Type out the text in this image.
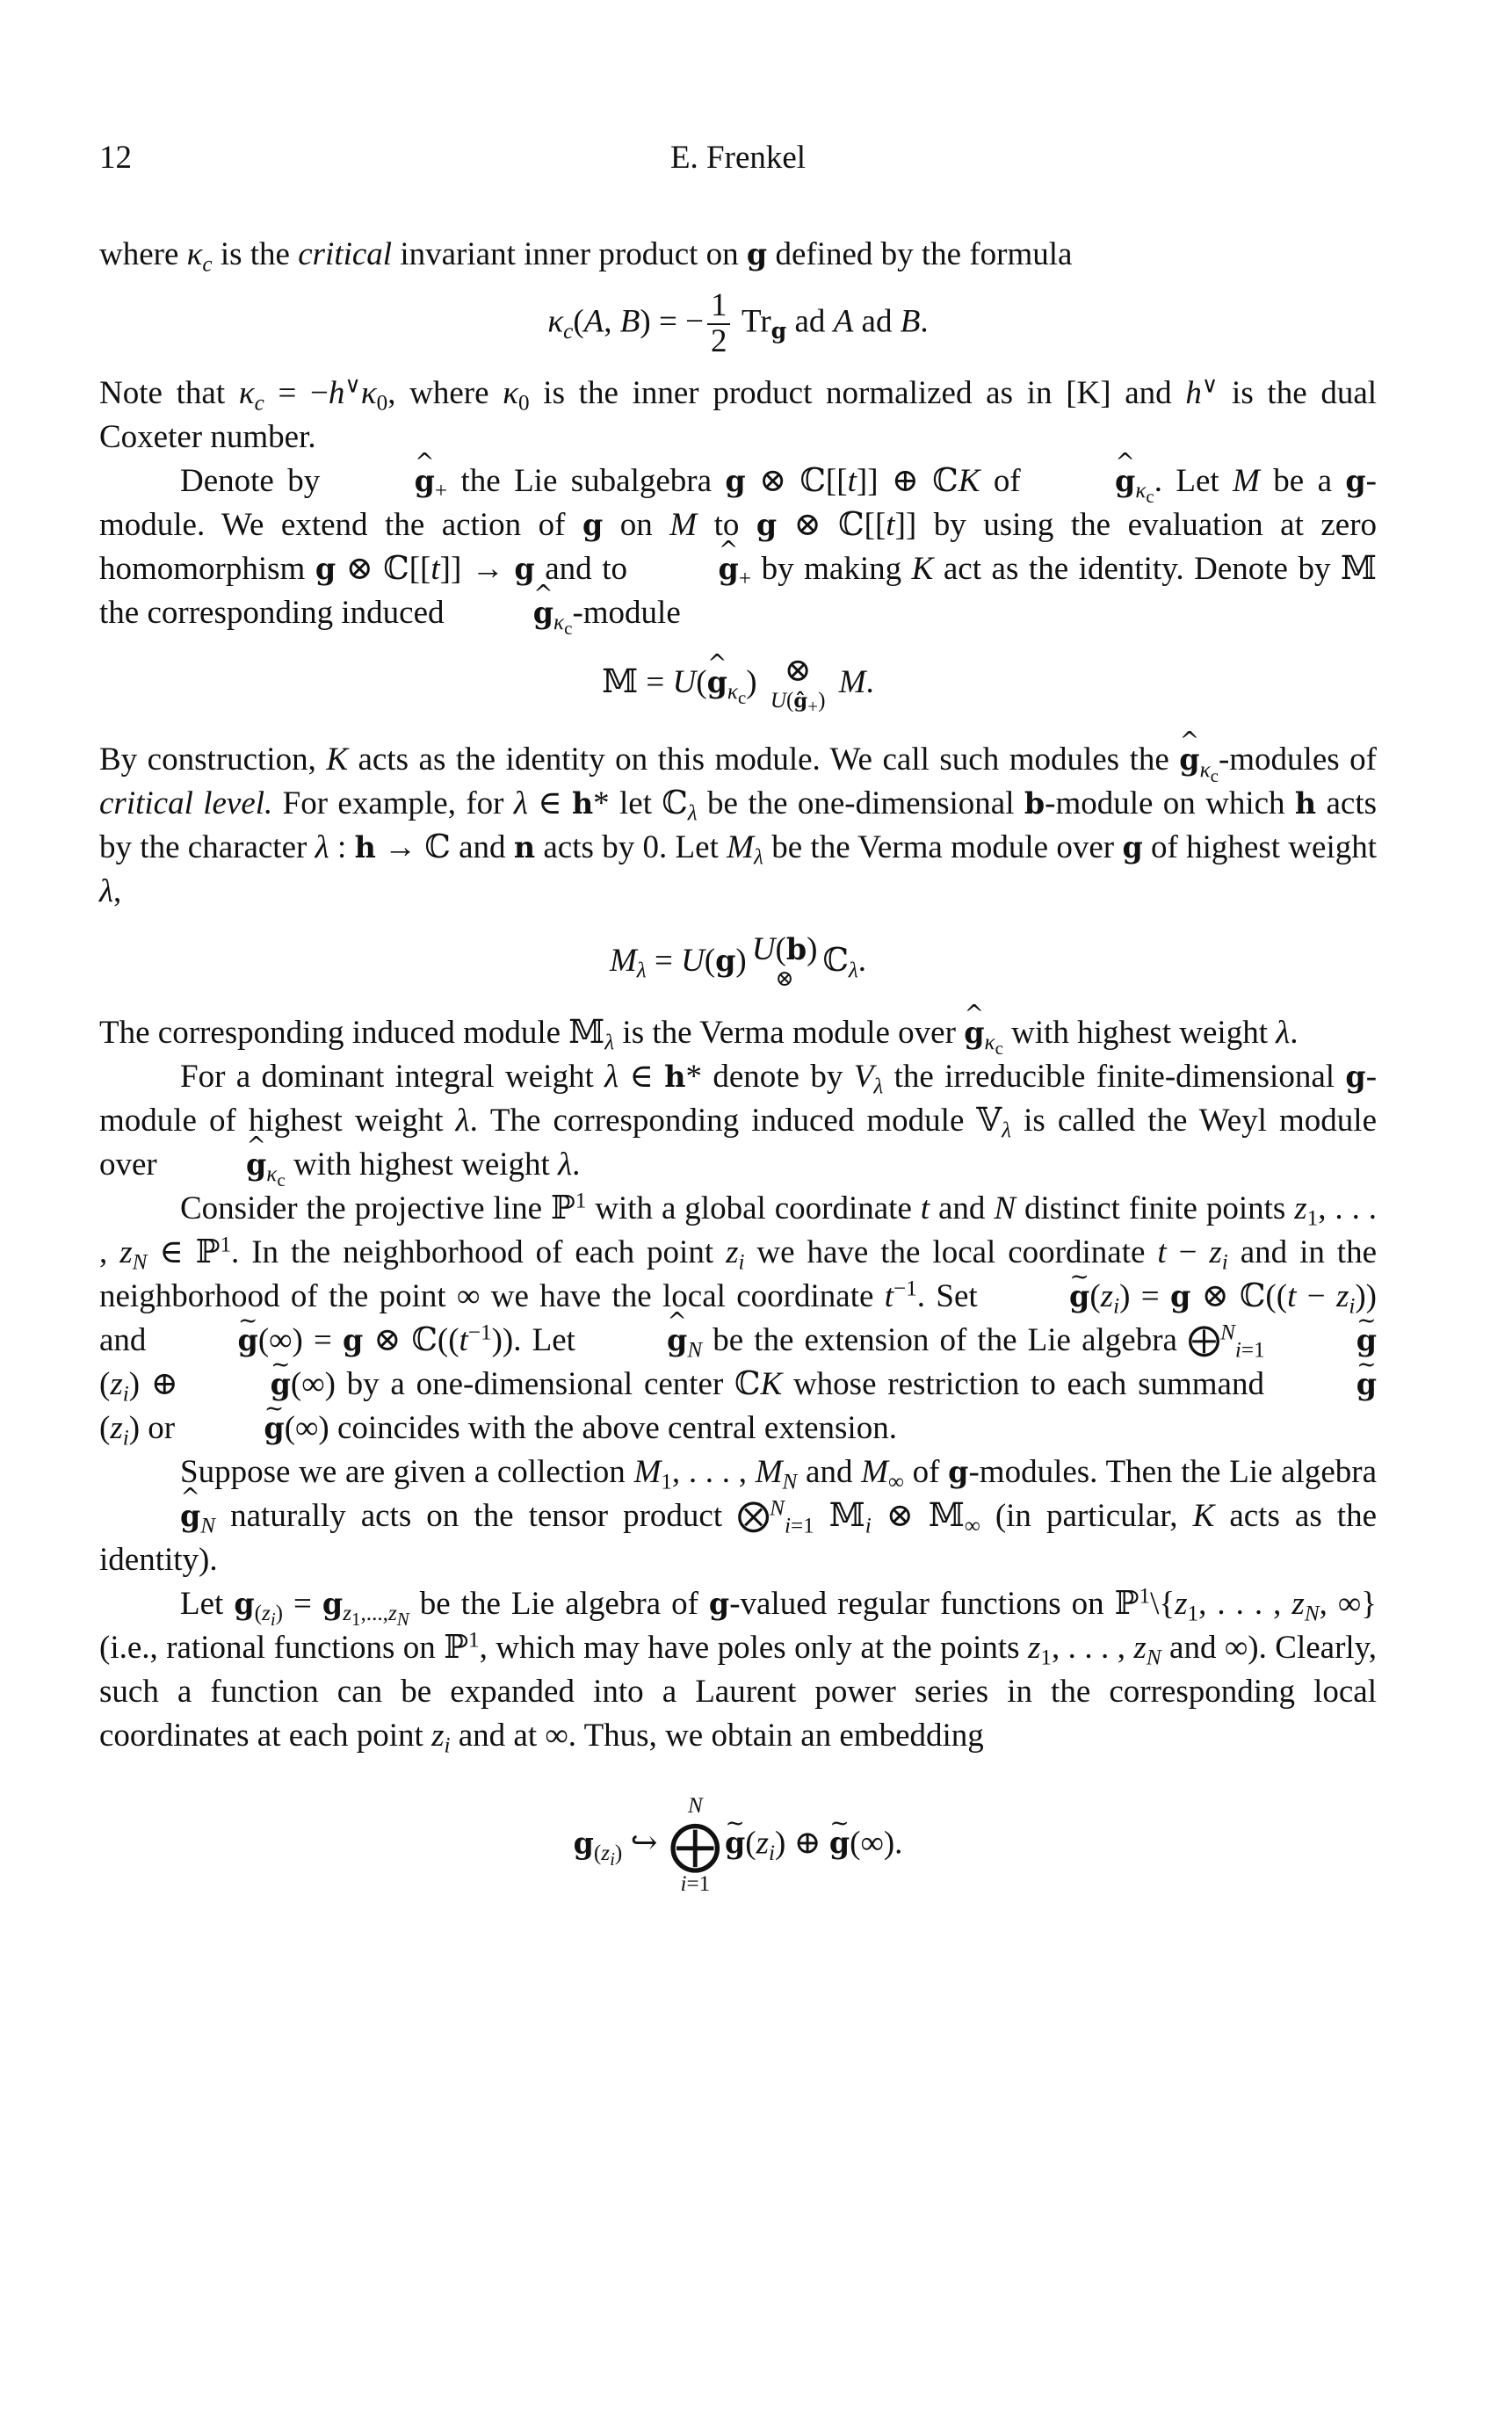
12	E. Frenkel

where $\kappa_c$ is the critical invariant inner product on g defined by the formula

$\kappa_c(A$, B) = − $\frac{1}{2} Tr_g$ ad A ad B.

Note that $\kappa_c = -h^\vee\kappa_0$, where $\kappa_0$ is the inner product normalized as in [K] and h∨ is the dual Coxeter number.

Denote by	^ $g_+$ the Lie subalgebra g ⊗ ℂ[[t]] ⊕ ℂK of	^ $g_{\kappa_c}$. Let M be a g-module. We extend the action of g on M to g ⊗ ℂ[[t]] by using the evaluation at zero homomorphism g ⊗ ℂ[[t]] → g and to	^ $g_+$ by making K act as the identity. Denote by 𝕄 the corresponding induced	^ $g_{\kappa_c}$-module

𝕄 = U(^ $g_{\kappa_c}$) ⊗
$U(ĝ_+)$
M.

By construction, K acts as the identity on this module. We call such modules the ^ $g_{\kappa_c}$-modules of critical level. For example, for λ ∈ h* let ℂ$_\lambda$ be the one-dimensional b-module on which h acts by the character λ : h → ℂ and n acts by 0. Let $M_\lambda$ be the Verma module over g of highest weight λ,

$M_\lambda = U(g)$ U(b)
⊗
ℂ$_\lambda$.

The corresponding induced module 𝕄$_\lambda$ is the Verma module over ^ $g_{\kappa_c}$ with highest weight λ.

For a dominant integral weight λ ∈ h* denote by $V_\lambda$ the irreducible finite-dimensional g-module of highest weight λ. The corresponding induced module 𝕍$_\lambda$ is called the Weyl module over	^ $g_{\kappa_c}$ with highest weight λ.

Consider the projective line ℙ$^1$ with a global coordinate t and N distinct finite points $z_1$, . . . , $z_N$ ∈ ℙ$^1$. In the neighborhood of each point $z_i$ we have the local coordinate $t - z_i$ and in the neighborhood of the point ∞ we have the local coordinate $t^{-1}$. Set	~ $g(z_i) = g$ ⊗ ℂ((t − $z_i$)) and	~ g(∞) = g ⊗ $ℂ((t^{-1}))$. Let	^ $g_N$ be the extension of the Lie algebra ⨁$^N_{i=1}$	~ $g(z_i)$ ⊕	~ g(∞) by a one-dimensional center ℂK whose restriction to each summand	~ $g(z_i)$ or	~ g(∞) coincides with the above central extension.

Suppose we are given a collection $M_1$, . . . , $M_N$ and $M_\infty$ of g-modules. Then the Lie algebra ^ $g_N$ naturally acts on the tensor product ⨂$^N_{i=1}$ 𝕄$_i$ ⊗ 𝕄$_\infty$ (in particular, K acts as the identity).

Let $g_{(z_i)} = g_{z_1,...,z_N}$ be the Lie algebra of g-valued regular functions on $ℙ^1\backslash\{z_1$, . . . , $z_N$, ∞} (i.e., rational functions on ℙ$^1$, which may have poles only at the points $z_1$, . . . , $z_N$ and ∞). Clearly, such a function can be expanded into a Laurent power series in the corresponding local coordinates at each point $z_i$ and at ∞. Thus, we obtain an embedding

$g_{(z_i)}$ ↪
N
⨁
i=1
~ $g(z_i)$ ⊕ ~ g(∞).
